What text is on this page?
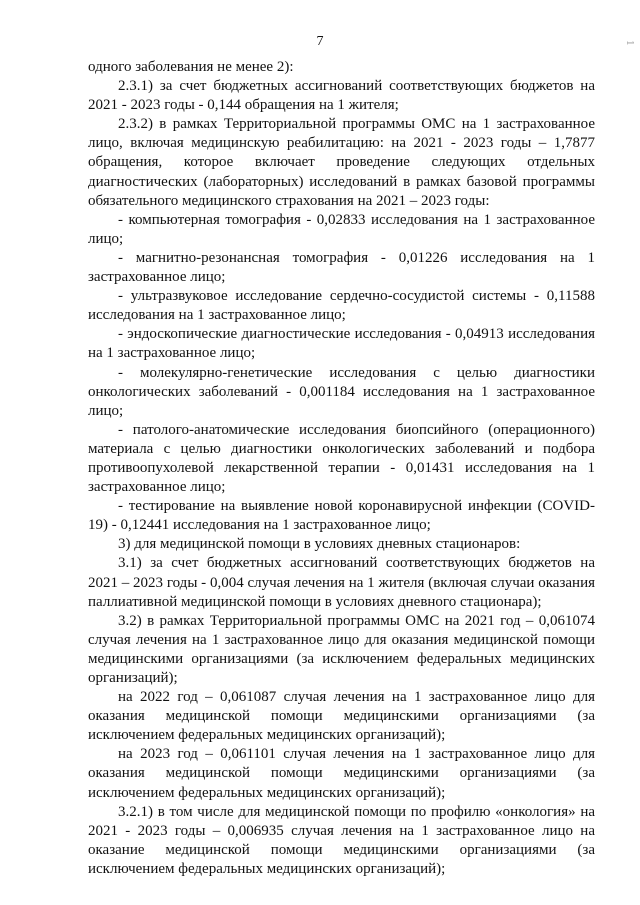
7	1

одного заболевания не менее 2):

2.3.1) за счет бюджетных ассигнований соответствующих бюджетов на 2021 - 2023 годы - 0,144 обращения на 1 жителя;

2.3.2) в рамках Территориальной программы ОМС на 1 застрахованное лицо, включая медицинскую реабилитацию: на 2021 - 2023 годы – 1,7877 обращения, которое включает проведение следующих отдельных диагностических (лабораторных) исследований в рамках базовой программы обязательного медицинского страхования на 2021 – 2023 годы:

- компьютерная томография - 0,02833 исследования на 1 застрахованное лицо;

- магнитно-резонансная томография - 0,01226 исследования на 1 застрахованное лицо;

- ультразвуковое исследование сердечно-сосудистой системы - 0,11588 исследования на 1 застрахованное лицо;

- эндоскопические диагностические исследования - 0,04913 исследования на 1 застрахованное лицо;

- молекулярно-генетические исследования с целью диагностики онкологических заболеваний - 0,001184 исследования на 1 застрахованное лицо;

- патолого-анатомические исследования биопсийного (операционного) материала с целью диагностики онкологических заболеваний и подбора противоопухолевой лекарственной терапии - 0,01431 исследования на 1 застрахованное лицо;

- тестирование на выявление новой коронавирусной инфекции (COVID-19) - 0,12441 исследования на 1 застрахованное лицо;

3) для медицинской помощи в условиях дневных стационаров:

3.1) за счет бюджетных ассигнований соответствующих бюджетов на 2021 – 2023 годы - 0,004 случая лечения на 1 жителя (включая случаи оказания паллиативной медицинской помощи в условиях дневного стационара);

3.2) в рамках Территориальной программы ОМС на 2021 год – 0,061074 случая лечения на 1 застрахованное лицо для оказания медицинской помощи медицинскими организациями (за исключением федеральных медицинских организаций);

на 2022 год – 0,061087 случая лечения на 1 застрахованное лицо для оказания медицинской помощи медицинскими организациями (за исключением федеральных медицинских организаций);

на 2023 год – 0,061101 случая лечения на 1 застрахованное лицо для оказания медицинской помощи медицинскими организациями (за исключением федеральных медицинских организаций);

3.2.1) в том числе для медицинской помощи по профилю «онкология» на 2021 - 2023 годы – 0,006935 случая лечения на 1 застрахованное лицо на оказание медицинской помощи медицинскими организациями (за исключением федеральных медицинских организаций);
